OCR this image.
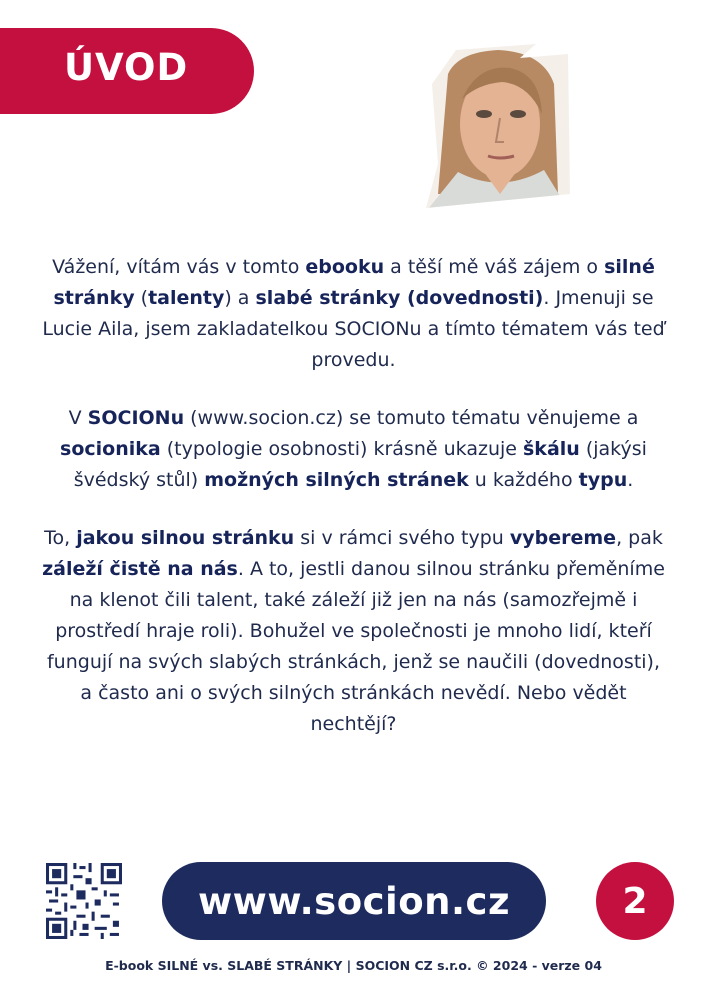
ÚVOD

Vážení, vítám vás v tomto ebooku a těší mě váš zájem o silné stránky (talenty) a slabé stránky (dovednosti). Jmenuji se Lucie Aila, jsem zakladatelkou SOCIONu a tímto tématem vás teď provedu.

V SOCIONu (www.socion.cz) se tomuto tématu věnujeme a socionika (typologie osobnosti) krásně ukazuje škálu (jakýsi švédský stůl) možných silných stránek u každého typu.

To, jakou silnou stránku si v rámci svého typu vybereme, pak záleží čistě na nás. A to, jestli danou silnou stránku přeměníme na klenot čili talent, také záleží již jen na nás (samozřejmě i prostředí hraje roli). Bohužel ve společnosti je mnoho lidí, kteří fungují na svých slabých stránkách, jenž se naučili (dovednosti), a často ani o svých silných stránkách nevědí. Nebo vědět nechtějí?

www.socion.cz	2
E-book SILNÉ vs. SLABÉ STRÁNKY | SOCION CZ s.r.o. © 2024 - verze 04
